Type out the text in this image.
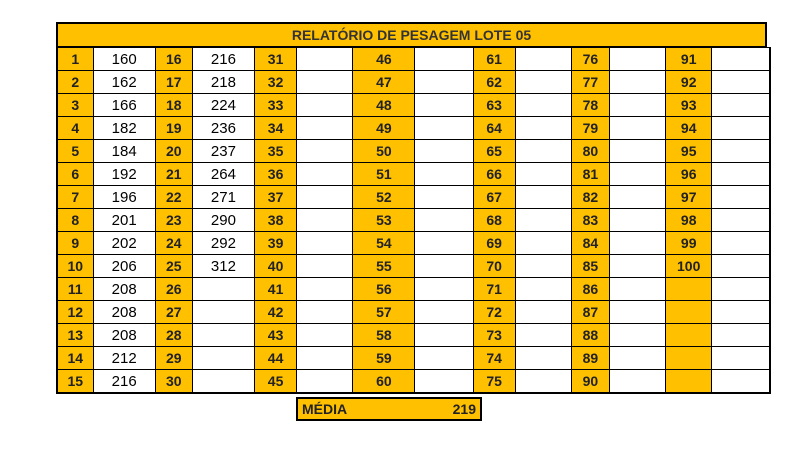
RELATÓRIO DE PESAGEM LOTE 05
1	160	16	216	31		46		61		76		91	
2	162	17	218	32		47		62		77		92	
3	166	18	224	33		48		63		78		93	
4	182	19	236	34		49		64		79		94	
5	184	20	237	35		50		65		80		95	
6	192	21	264	36		51		66		81		96	
7	196	22	271	37		52		67		82		97	
8	201	23	290	38		53		68		83		98	
9	202	24	292	39		54		69		84		99	
10	206	25	312	40		55		70		85		100	
11	208	26		41		56		71		86			
12	208	27		42		57		72		87			
13	208	28		43		58		73		88			
14	212	29		44		59		74		89			
15	216	30		45		60		75		90			
MÉDIA	219
